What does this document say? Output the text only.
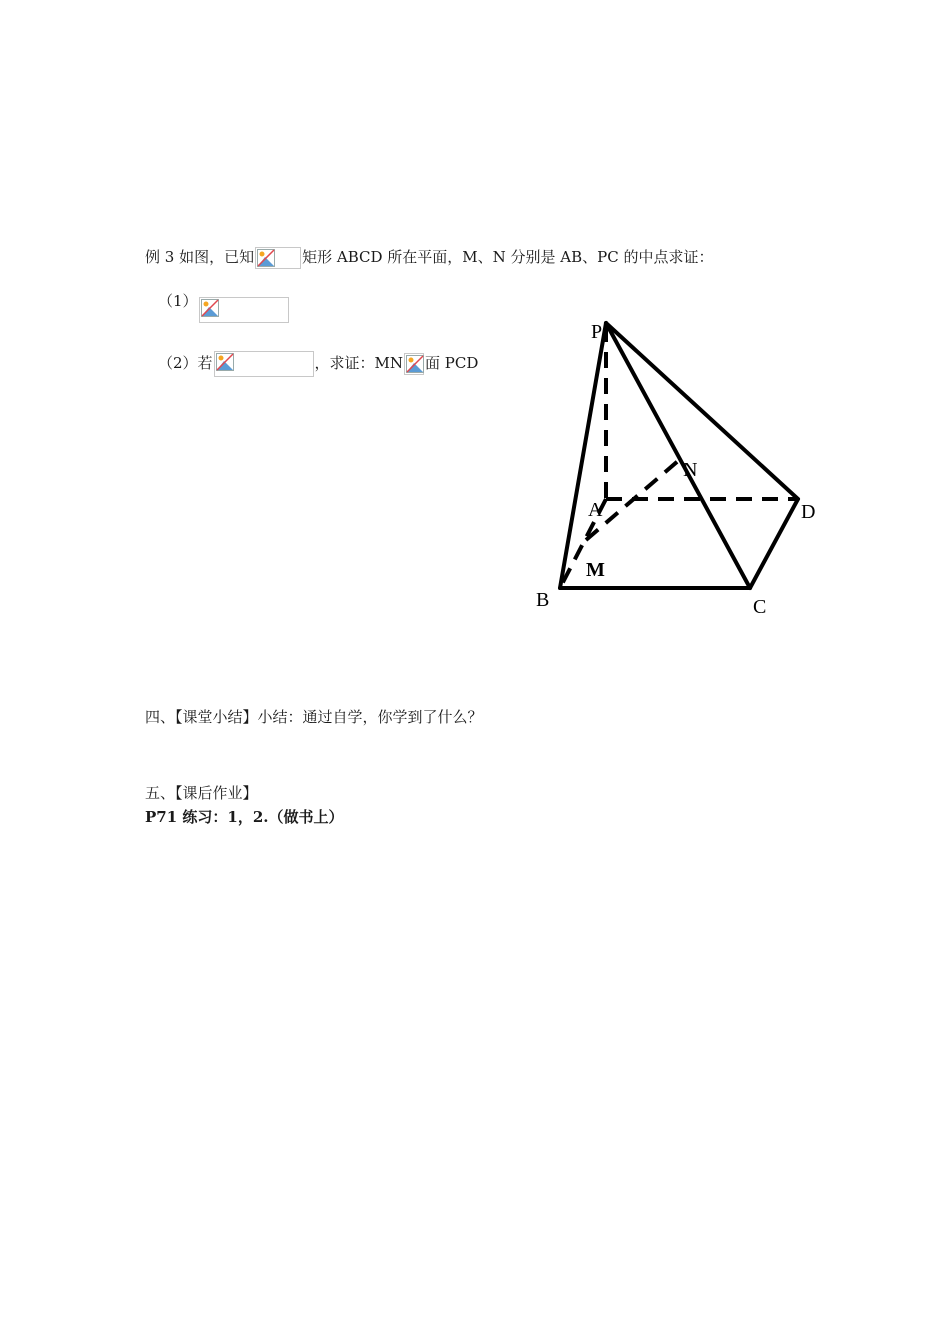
例 3 如图，已知	矩形 ABCD 所在平面，M、N 分别是 AB、PC 的中点求证：
（1）
（2）若	，求证：MN 面 PCD
P
A	D
B	C
M
N
四、【课堂小结】小结：通过自学，你学到了什么？
五、【课后作业】
P71 练习：1，2.（做书上）
